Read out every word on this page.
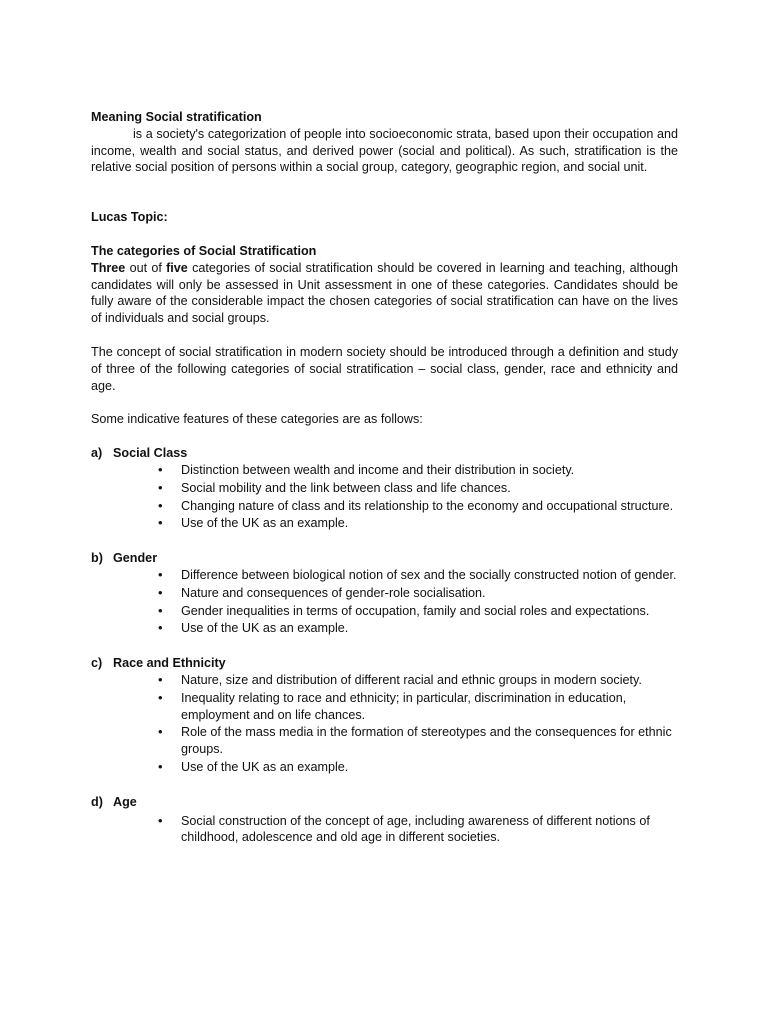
Meaning Social stratification

is a society's categorization of people into socioeconomic strata, based upon their occupation and income, wealth and social status, and derived power (social and political). As such, stratification is the relative social position of persons within a social group, category, geographic region, and social unit.

Lucas Topic:
The categories of Social Stratification

Three out of five categories of social stratification should be covered in learning and teaching, although candidates will only be assessed in Unit assessment in one of these categories. Candidates should be fully aware of the considerable impact the chosen categories of social stratification can have on the lives of individuals and social groups.

The concept of social stratification in modern society should be introduced through a definition and study of three of the following categories of social stratification – social class, gender, race and ethnicity and age.

Some indicative features of these categories are as follows:

a) Social Class
• Distinction between wealth and income and their distribution in society.
• Social mobility and the link between class and life chances.
• Changing nature of class and its relationship to the economy and occupational structure.
• Use of the UK as an example.
b) Gender
• Difference between biological notion of sex and the socially constructed notion of gender.
• Nature and consequences of gender-role socialisation.
• Gender inequalities in terms of occupation, family and social roles and expectations.
• Use of the UK as an example.
c) Race and Ethnicity
• Nature, size and distribution of different racial and ethnic groups in modern society.
• Inequality relating to race and ethnicity; in particular, discrimination in education, employment and on life chances.
• Role of the mass media in the formation of stereotypes and the consequences for ethnic groups.
• Use of the UK as an example.
d) Age
• Social construction of the concept of age, including awareness of different notions of childhood, adolescence and old age in different societies.
